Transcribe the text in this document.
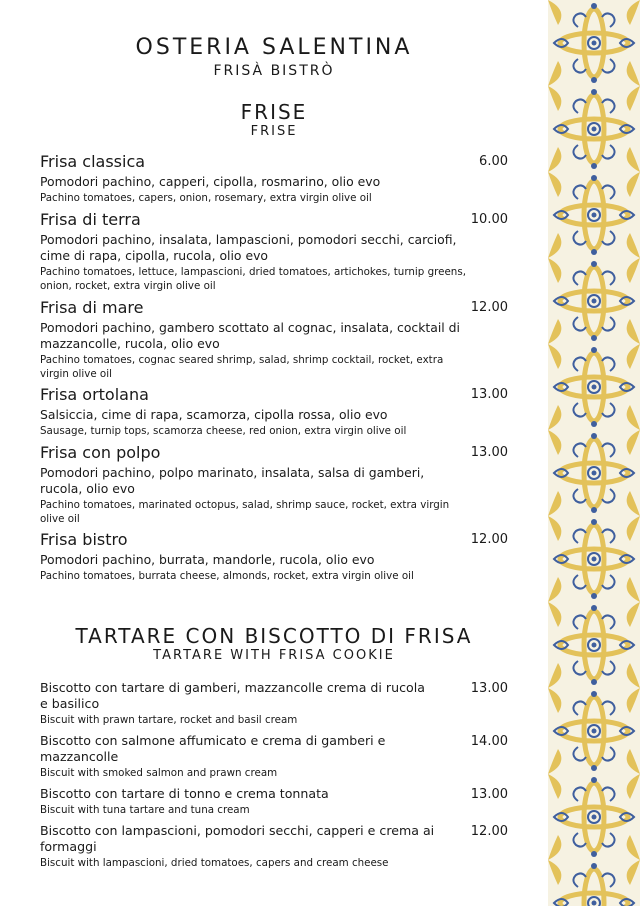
OSTERIA SALENTINA
FRISÀ BISTRÒ
FRISE
FRISE

Frisa classica

Pomodori pachino, capperi, cipolla, rosmarino, olio evo

Pachino tomatoes, capers, onion, rosemary, extra virgin olive oil

6.00

Frisa di terra

Pomodori pachino, insalata, lampascioni, pomodori secchi, carciofi, cime di rapa, cipolla, rucola, olio evo

Pachino tomatoes, lettuce, lampascioni, dried tomatoes, artichokes, turnip greens, onion, rocket, extra virgin olive oil

10.00

Frisa di mare

Pomodori pachino, gambero scottato al cognac, insalata, cocktail di mazzancolle, rucola, olio evo

Pachino tomatoes, cognac seared shrimp, salad, shrimp cocktail, rocket, extra virgin olive oil

12.00

Frisa ortolana

Salsiccia, cime di rapa, scamorza, cipolla rossa, olio evo

Sausage, turnip tops, scamorza cheese, red onion, extra virgin olive oil

13.00

Frisa con polpo

Pomodori pachino, polpo marinato, insalata, salsa di gamberi, rucola, olio evo

Pachino tomatoes, marinated octopus, salad, shrimp sauce, rocket, extra virgin olive oil

13.00

Frisa bistro

Pomodori pachino, burrata, mandorle, rucola, olio evo

Pachino tomatoes, burrata cheese, almonds, rocket, extra virgin olive oil

12.00
TARTARE CON BISCOTTO DI FRISA
TARTARE WITH FRISA COOKIE

Biscotto con tartare di gamberi, mazzancolle crema di rucola e basilico

Biscuit with prawn tartare, rocket and basil cream

13.00

Biscotto con salmone affumicato e crema di gamberi e mazzancolle

Biscuit with smoked salmon and prawn cream

14.00

Biscotto con tartare di tonno e crema tonnata

Biscuit with tuna tartare and tuna cream

13.00

Biscotto con lampascioni, pomodori secchi, capperi e crema ai formaggi

Biscuit with lampascioni, dried tomatoes, capers and cream cheese

12.00
